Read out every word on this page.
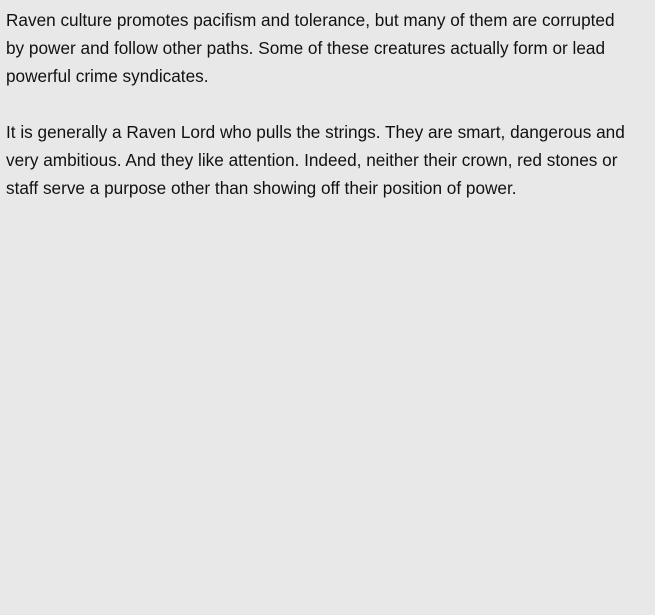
Raven culture promotes pacifism and tolerance, but many of them are corrupted by power and follow other paths. Some of these creatures actually form or lead powerful crime syndicates.

It is generally a Raven Lord who pulls the strings. They are smart, dangerous and very ambitious. And they like attention. Indeed, neither their crown, red stones or staff serve a purpose other than showing off their position of power.
